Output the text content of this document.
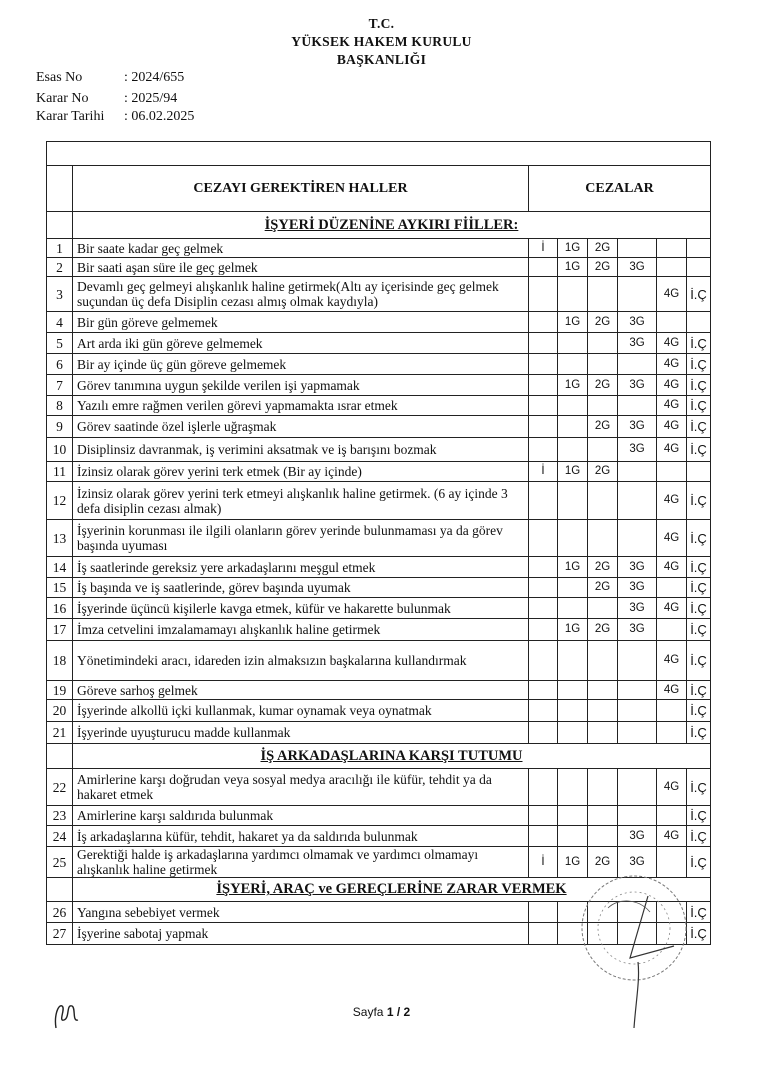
T.C.
YÜKSEK HAKEM KURULU
BAŞKANLIĞI
Esas No	: 2024/655
Karar No	: 2025/94
Karar Tarihi : 06.02.2025

	CEZAYI GEREKTİREN HALLER	CEZALAR					
	İŞYERİ DÜZENİNE AYKIRI FİİLLER:						
1	Bir saate kadar geç gelmek	İ	1G	2G			
2	Bir saati aşan süre ile geç gelmek		1G	2G	3G		
3	Devamlı geç gelmeyi alışkanlık haline getirmek(Altı ay içerisinde geç gelmek suçundan üç defa Disiplin cezası almış olmak kaydıyla)					4G	İ.Ç
4	Bir gün göreve gelmemek		1G	2G	3G		
5	Art arda iki gün göreve gelmemek				3G	4G	İ.Ç
6	Bir ay içinde üç gün göreve gelmemek					4G	İ.Ç
7	Görev tanımına uygun şekilde verilen işi yapmamak		1G	2G	3G	4G	İ.Ç
8	Yazılı emre rağmen verilen görevi yapmamakta ısrar etmek					4G	İ.Ç
9	Görev saatinde özel işlerle uğraşmak			2G	3G	4G	İ.Ç
10	Disiplinsiz davranmak, iş verimini aksatmak ve iş barışını bozmak				3G	4G	İ.Ç
11	İzinsiz olarak görev yerini terk etmek (Bir ay içinde)	İ	1G	2G			
12	İzinsiz olarak görev yerini terk etmeyi alışkanlık haline getirmek. (6 ay içinde 3 defa disiplin cezası almak)					4G	İ.Ç
13	İşyerinin korunması ile ilgili olanların görev yerinde bulunmaması ya da görev başında uyuması					4G	İ.Ç
14	İş saatlerinde gereksiz yere arkadaşlarını meşgul etmek		1G	2G	3G	4G	İ.Ç
15	İş başında ve iş saatlerinde, görev başında uyumak			2G	3G		İ.Ç
16	İşyerinde üçüncü kişilerle kavga etmek, küfür ve hakarette bulunmak				3G	4G	İ.Ç
17	İmza cetvelini imzalamamayı alışkanlık haline getirmek		1G	2G	3G		İ.Ç
18	Yönetimindeki aracı, idareden izin almaksızın başkalarına kullandırmak					4G	İ.Ç
19	Göreve sarhoş gelmek					4G	İ.Ç
20	İşyerinde alkollü içki kullanmak, kumar oynamak veya oynatmak						İ.Ç
21	İşyerinde uyuşturucu madde kullanmak						İ.Ç
	İŞ ARKADAŞLARINA KARŞI TUTUMU						
22	Amirlerine karşı doğrudan veya sosyal medya aracılığı ile küfür, tehdit ya da hakaret etmek					4G	İ.Ç
23	Amirlerine karşı saldırıda bulunmak						İ.Ç
24	İş arkadaşlarına küfür, tehdit, hakaret ya da saldırıda bulunmak				3G	4G	İ.Ç
25	Gerektiği halde iş arkadaşlarına yardımcı olmamak ve yardımcı olmamayı alışkanlık haline getirmek	İ	1G	2G	3G		İ.Ç
	İŞYERİ, ARAÇ ve GEREÇLERİNE ZARAR VERMEK						
26	Yangına sebebiyet vermek						İ.Ç
27	İşyerine sabotaj yapmak						İ.Ç
Sayfa 1 / 2
